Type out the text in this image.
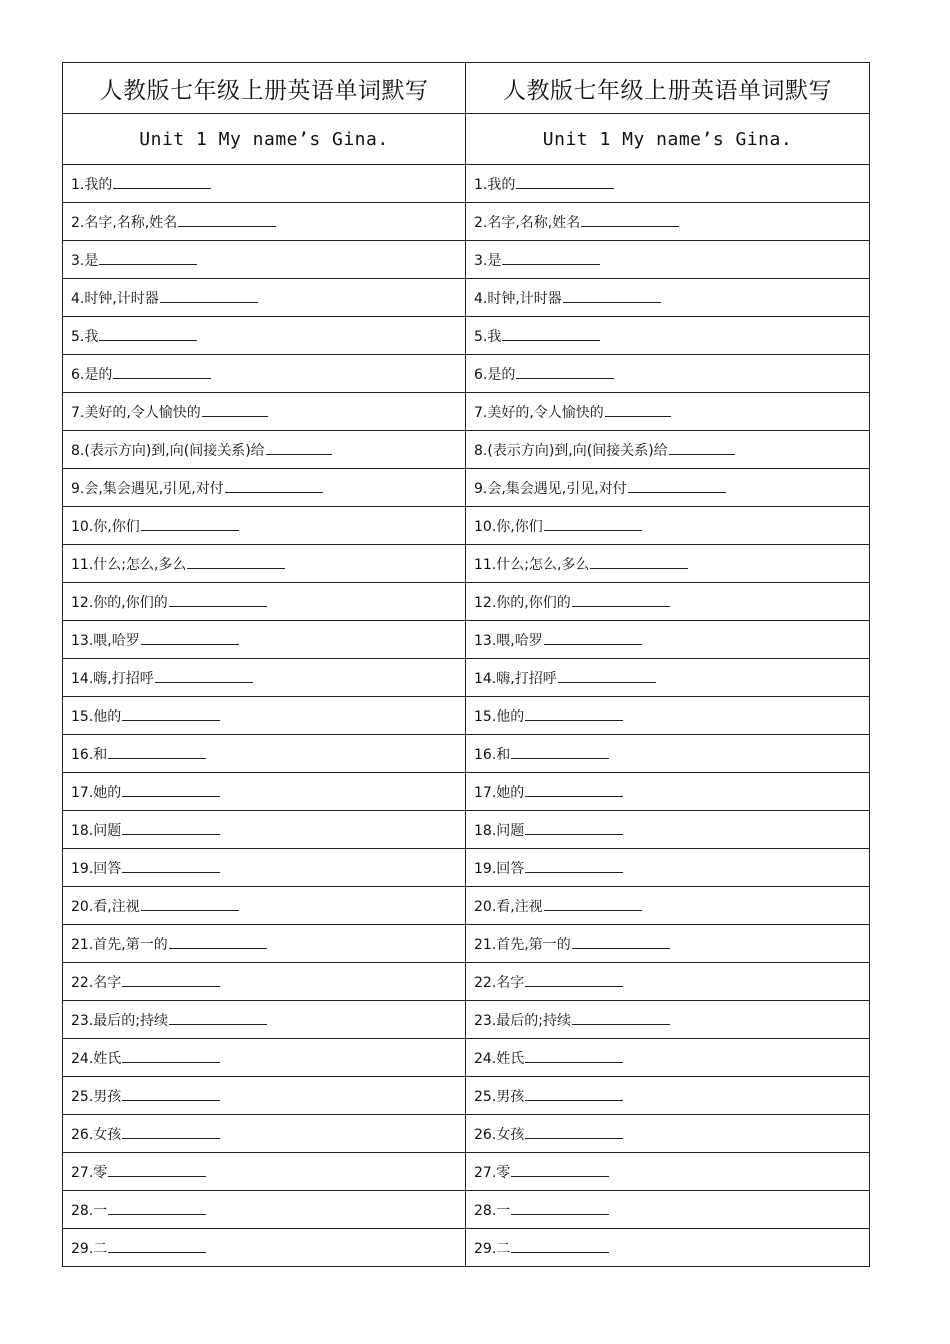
人教版七年级上册英语单词默写	人教版七年级上册英语单词默写
Unit 1 My name’s Gina.	Unit 1 My name’s Gina.
1.我的	1.我的
2.名字,名称,姓名	2.名字,名称,姓名
3.是	3.是
4.时钟,计时器	4.时钟,计时器
5.我	5.我
6.是的	6.是的
7.美好的,令人愉快的	7.美好的,令人愉快的
8.(表示方向)到,向(间接关系)给	8.(表示方向)到,向(间接关系)给
9.会,集会遇见,引见,对付	9.会,集会遇见,引见,对付
10.你,你们	10.你,你们
11.什么;怎么,多么	11.什么;怎么,多么
12.你的,你们的	12.你的,你们的
13.喂,哈罗	13.喂,哈罗
14.嗨,打招呼	14.嗨,打招呼
15.他的	15.他的
16.和	16.和
17.她的	17.她的
18.问题	18.问题
19.回答	19.回答
20.看,注视	20.看,注视
21.首先,第一的	21.首先,第一的
22.名字	22.名字
23.最后的;持续	23.最后的;持续
24.姓氏	24.姓氏
25.男孩	25.男孩
26.女孩	26.女孩
27.零	27.零
28.一	28.一
29.二	29.二
